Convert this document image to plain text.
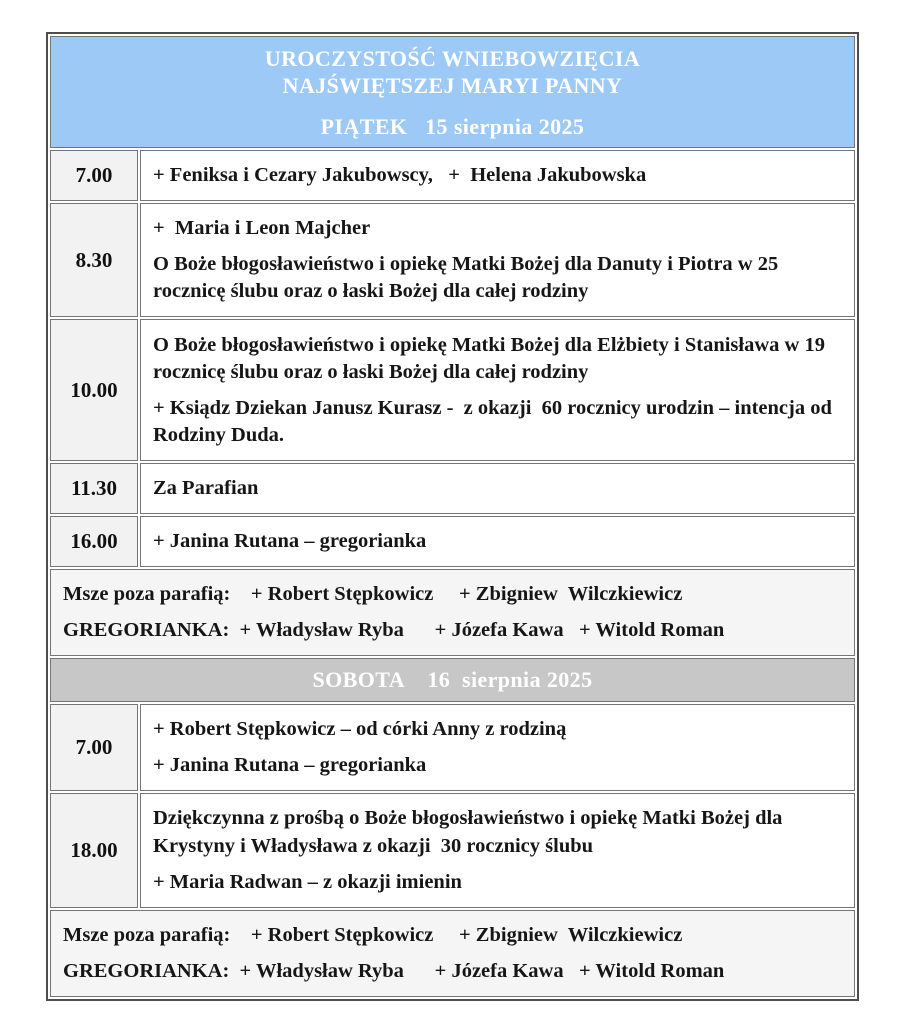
UROCZYSTOŚĆ WNIEBOWZIĘCIA
NAJŚWIĘTSZEJ MARYI PANNY
PIĄTEK   15 sierpnia 2025	

7.00	+ Feniksa i Cezary Jakubowscy,   +  Helena Jakubowska

8.30	+  Maria i Leon Majcher
O Boże błogosławieństwo i opiekę Matki Bożej dla Danuty i Piotra w 25 rocznicę ślubu oraz o łaski Bożej dla całej rodziny

10.00	O Boże błogosławieństwo i opiekę Matki Bożej dla Elżbiety i Stanisława w 19 rocznicę ślubu oraz o łaski Bożej dla całej rodziny
+ Ksiądz Dziekan Janusz Kurasz -  z okazji  60 rocznicy urodzin – intencja od Rodziny Duda.

11.30	Za Parafian

16.00	+ Janina Rutana – gregorianka

Msze poza parafią:    + Robert Stępkowicz     + Zbigniew  Wilczkiewicz
GREGORIANKA:  + Władysław Ryba      + Józefa Kawa   + Witold Roman	

SOBOTA    16  sierpnia 2025	
7.00	+ Robert Stępkowicz – od córki Anny z rodziną
+ Janina Rutana – gregorianka

18.00	Dziękczynna z prośbą o Boże błogosławieństwo i opiekę Matki Bożej dla Krystyny i Władysława z okazji  30 rocznicy ślubu
+ Maria Radwan – z okazji imienin

Msze poza parafią:    + Robert Stępkowicz     + Zbigniew  Wilczkiewicz
GREGORIANKA:  + Władysław Ryba      + Józefa Kawa   + Witold Roman	
